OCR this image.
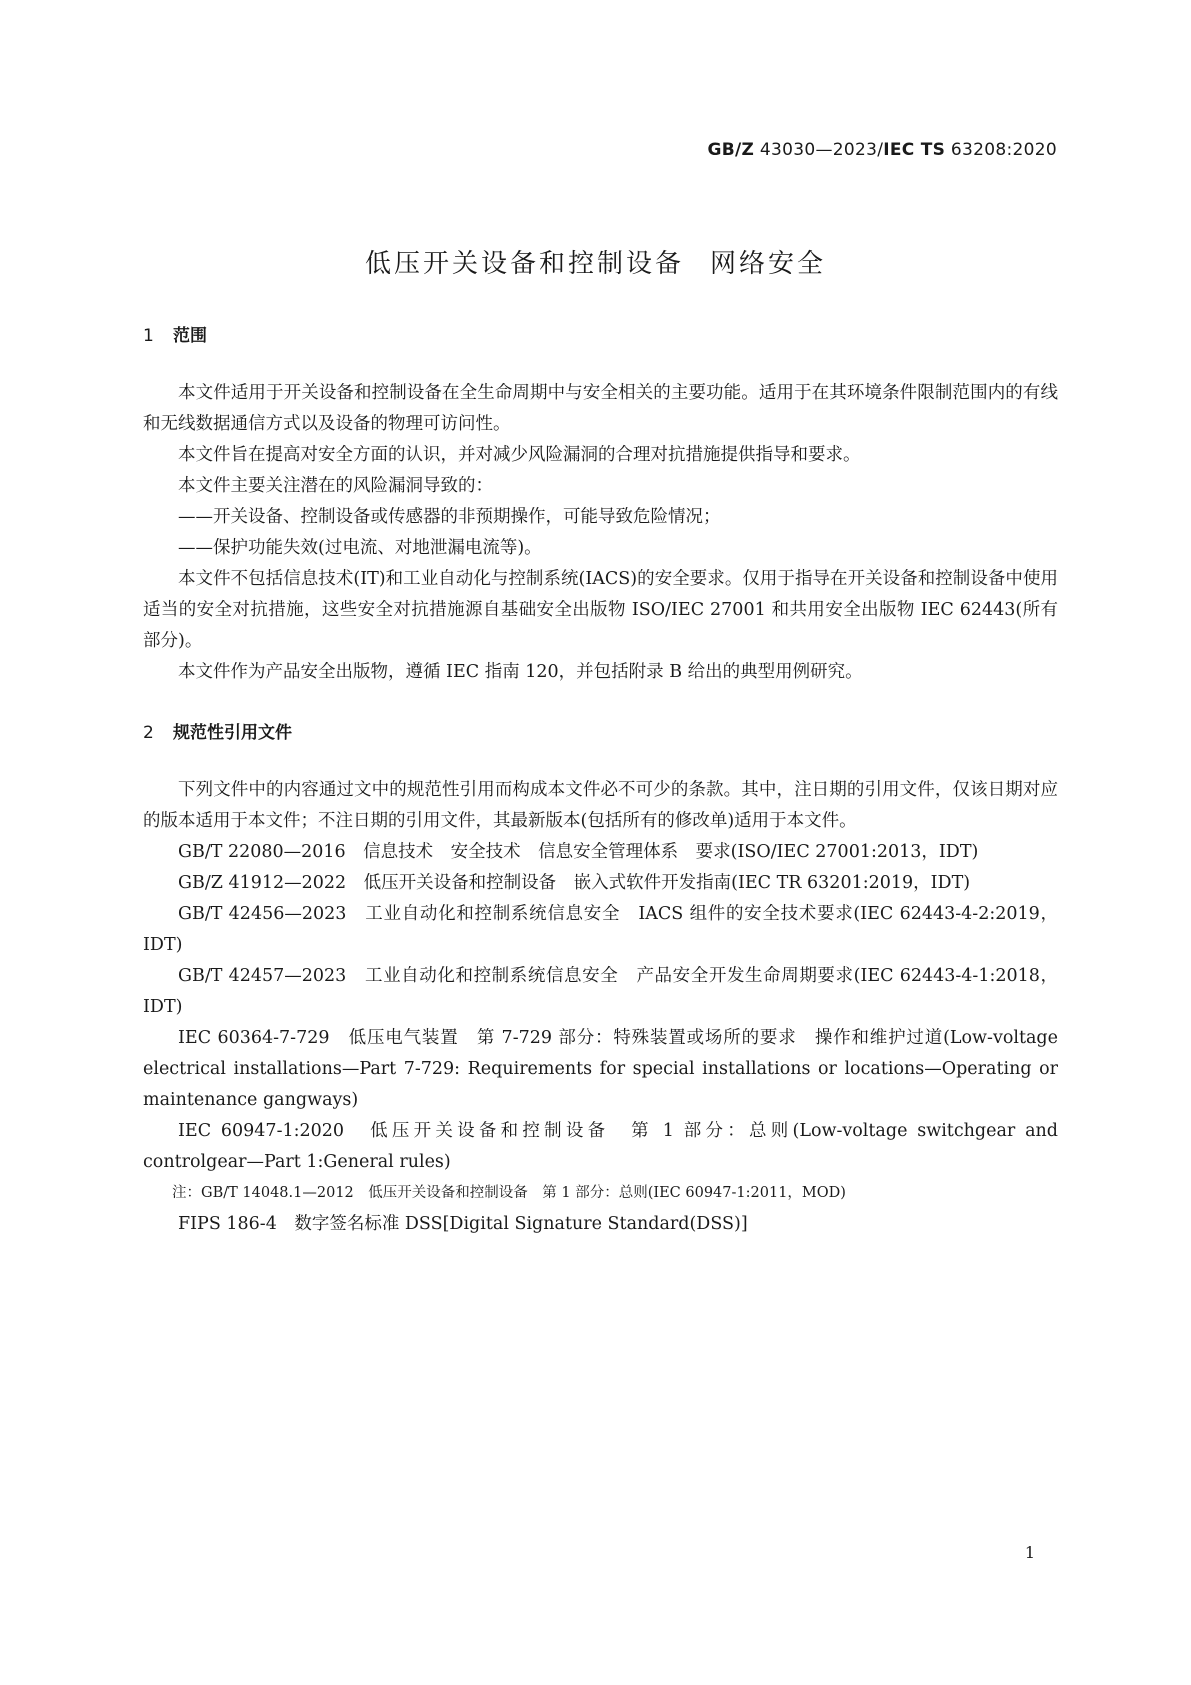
GB/Z 43030—2023/IEC TS 63208:2020
低压开关设备和控制设备 网络安全
1 范围

本文件适用于开关设备和控制设备在全生命周期中与安全相关的主要功能。适用于在其环境条件限制范围内的有线和无线数据通信方式以及设备的物理可访问性。

本文件旨在提高对安全方面的认识，并对减少风险漏洞的合理对抗措施提供指导和要求。

本文件主要关注潜在的风险漏洞导致的：

——开关设备、控制设备或传感器的非预期操作，可能导致危险情况；

——保护功能失效(过电流、对地泄漏电流等)。

本文件不包括信息技术(IT)和工业自动化与控制系统(IACS)的安全要求。仅用于指导在开关设备和控制设备中使用适当的安全对抗措施，这些安全对抗措施源自基础安全出版物 ISO/IEC 27001 和共用安全出版物 IEC 62443(所有部分)。

本文件作为产品安全出版物，遵循 IEC 指南 120，并包括附录 B 给出的典型用例研究。

2 规范性引用文件

下列文件中的内容通过文中的规范性引用而构成本文件必不可少的条款。其中，注日期的引用文件，仅该日期对应的版本适用于本文件；不注日期的引用文件，其最新版本(包括所有的修改单)适用于本文件。

GB/T 22080—2016　信息技术　安全技术　信息安全管理体系　要求(ISO/IEC 27001:2013，IDT)

GB/Z 41912—2022　低压开关设备和控制设备　嵌入式软件开发指南(IEC TR 63201:2019，IDT)

GB/T 42456—2023　工业自动化和控制系统信息安全　IACS 组件的安全技术要求(IEC 62443-4-2:2019，IDT)

GB/T 42457—2023　工业自动化和控制系统信息安全　产品安全开发生命周期要求(IEC 62443-4-1:2018，IDT)

IEC 60364-7-729　低压电气装置　第 7-729 部分：特殊装置或场所的要求　操作和维护过道(Low-voltage electrical installations—Part 7-729: Requirements for special installations or locations—Operating or maintenance gangways)

IEC 60947-1:2020　低压开关设备和控制设备　第 1 部分：总则(Low-voltage switchgear and controlgear—Part 1:General rules)

注：GB/T 14048.1—2012　低压开关设备和控制设备　第 1 部分：总则(IEC 60947-1:2011，MOD)

FIPS 186-4　数字签名标准 DSS[Digital Signature Standard(DSS)]

1
